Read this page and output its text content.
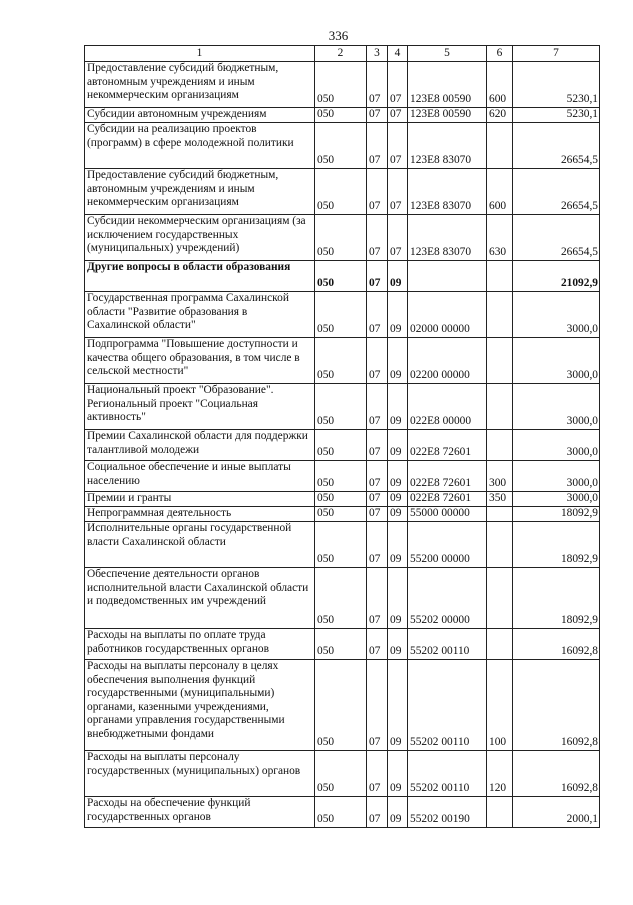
336
1	2	3	4	5	6	7
Предоставление субсидий бюджетным, автономным учреждениям и иным некоммерческим организациям	050	07	07	123E8 00590	600	5230,1
Субсидии автономным учреждениям	050	07	07	123E8 00590	620	5230,1
Субсидии на реализацию проектов (программ) в сфере молодежной политики	050	07	07	123E8 83070		26654,5
Предоставление субсидий бюджетным, автономным учреждениям и иным некоммерческим организациям	050	07	07	123E8 83070	600	26654,5
Субсидии некоммерческим организациям (за исключением государственных (муниципальных) учреждений)	050	07	07	123E8 83070	630	26654,5
Другие вопросы в области образования	050	07	09			21092,9
Государственная программа Сахалинской области "Развитие образования в Сахалинской области"	050	07	09	02000 00000		3000,0
Подпрограмма "Повышение доступности и качества общего образования, в том числе в сельской местности"	050	07	09	02200 00000		3000,0
Национальный проект "Образование". Региональный проект "Социальная активность"	050	07	09	022E8 00000		3000,0
Премии Сахалинской области для поддержки талантливой молодежи	050	07	09	022E8 72601		3000,0
Социальное обеспечение и иные выплаты населению	050	07	09	022E8 72601	300	3000,0
Премии и гранты	050	07	09	022E8 72601	350	3000,0
Непрограммная деятельность	050	07	09	55000 00000		18092,9
Исполнительные органы государственной власти Сахалинской области	050	07	09	55200 00000		18092,9
Обеспечение деятельности органов исполнительной власти Сахалинской области и подведомственных им учреждений	050	07	09	55202 00000		18092,9
Расходы на выплаты по оплате труда работников государственных органов	050	07	09	55202 00110		16092,8
Расходы на выплаты персоналу в целях обеспечения выполнения функций государственными (муниципальными) органами, казенными учреждениями, органами управления государственными внебюджетными фондами	050	07	09	55202 00110	100	16092,8
Расходы на выплаты персоналу государственных (муниципальных) органов	050	07	09	55202 00110	120	16092,8
Расходы на обеспечение функций государственных органов	050	07	09	55202 00190		2000,1
